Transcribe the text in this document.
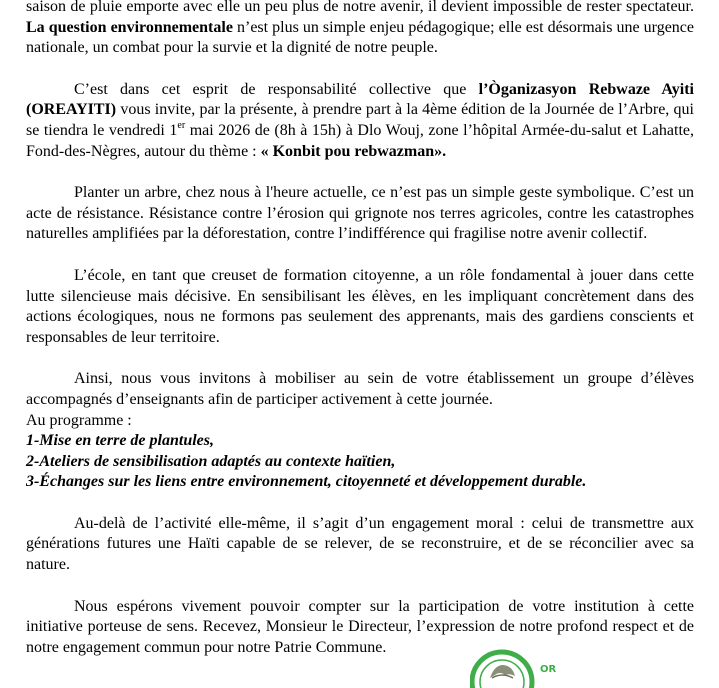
saison de pluie emporte avec elle un peu plus de notre avenir, il devient impossible de rester spectateur. La question environnementale n’est plus un simple enjeu pédagogique; elle est désormais une urgence nationale, un combat pour la survie et la dignité de notre peuple.

C’est dans cet esprit de responsabilité collective que l’Òganizasyon Rebwaze Ayiti (OREAYITI) vous invite, par la présente, à prendre part à la 4ème édition de la Journée de l’Arbre, qui se tiendra le vendredi 1er mai 2026 de (8h à 15h) à Dlo Wouj, zone l’hôpital Armée-du-salut et Lahatte, Fond-des-Nègres, autour du thème : « Konbit pou rebwazman».

Planter un arbre, chez nous à l'heure actuelle, ce n’est pas un simple geste symbolique. C’est un acte de résistance. Résistance contre l’érosion qui grignote nos terres agricoles, contre les catastrophes naturelles amplifiées par la déforestation, contre l’indifférence qui fragilise notre avenir collectif.

L’école, en tant que creuset de formation citoyenne, a un rôle fondamental à jouer dans cette lutte silencieuse mais décisive. En sensibilisant les élèves, en les impliquant concrètement dans des actions écologiques, nous ne formons pas seulement des apprenants, mais des gardiens conscients et responsables de leur territoire.

Ainsi, nous vous invitons à mobiliser au sein de votre établissement un groupe d’élèves accompagnés d’enseignants afin de participer activement à cette journée.

Au programme :

1-Mise en terre de plantules,

2-Ateliers de sensibilisation adaptés au contexte haïtien,

3-Échanges sur les liens entre environnement, citoyenneté et développement durable.

Au-delà de l’activité elle-même, il s’agit d’un engagement moral : celui de transmettre aux générations futures une Haïti capable de se relever, de se reconstruire, et de se réconcilier avec sa nature.

Nous espérons vivement pouvoir compter sur la participation de votre institution à cette initiative porteuse de sens. Recevez, Monsieur le Directeur, l’expression de notre profond respect et de notre engagement commun pour notre Patrie Commune.

OR
